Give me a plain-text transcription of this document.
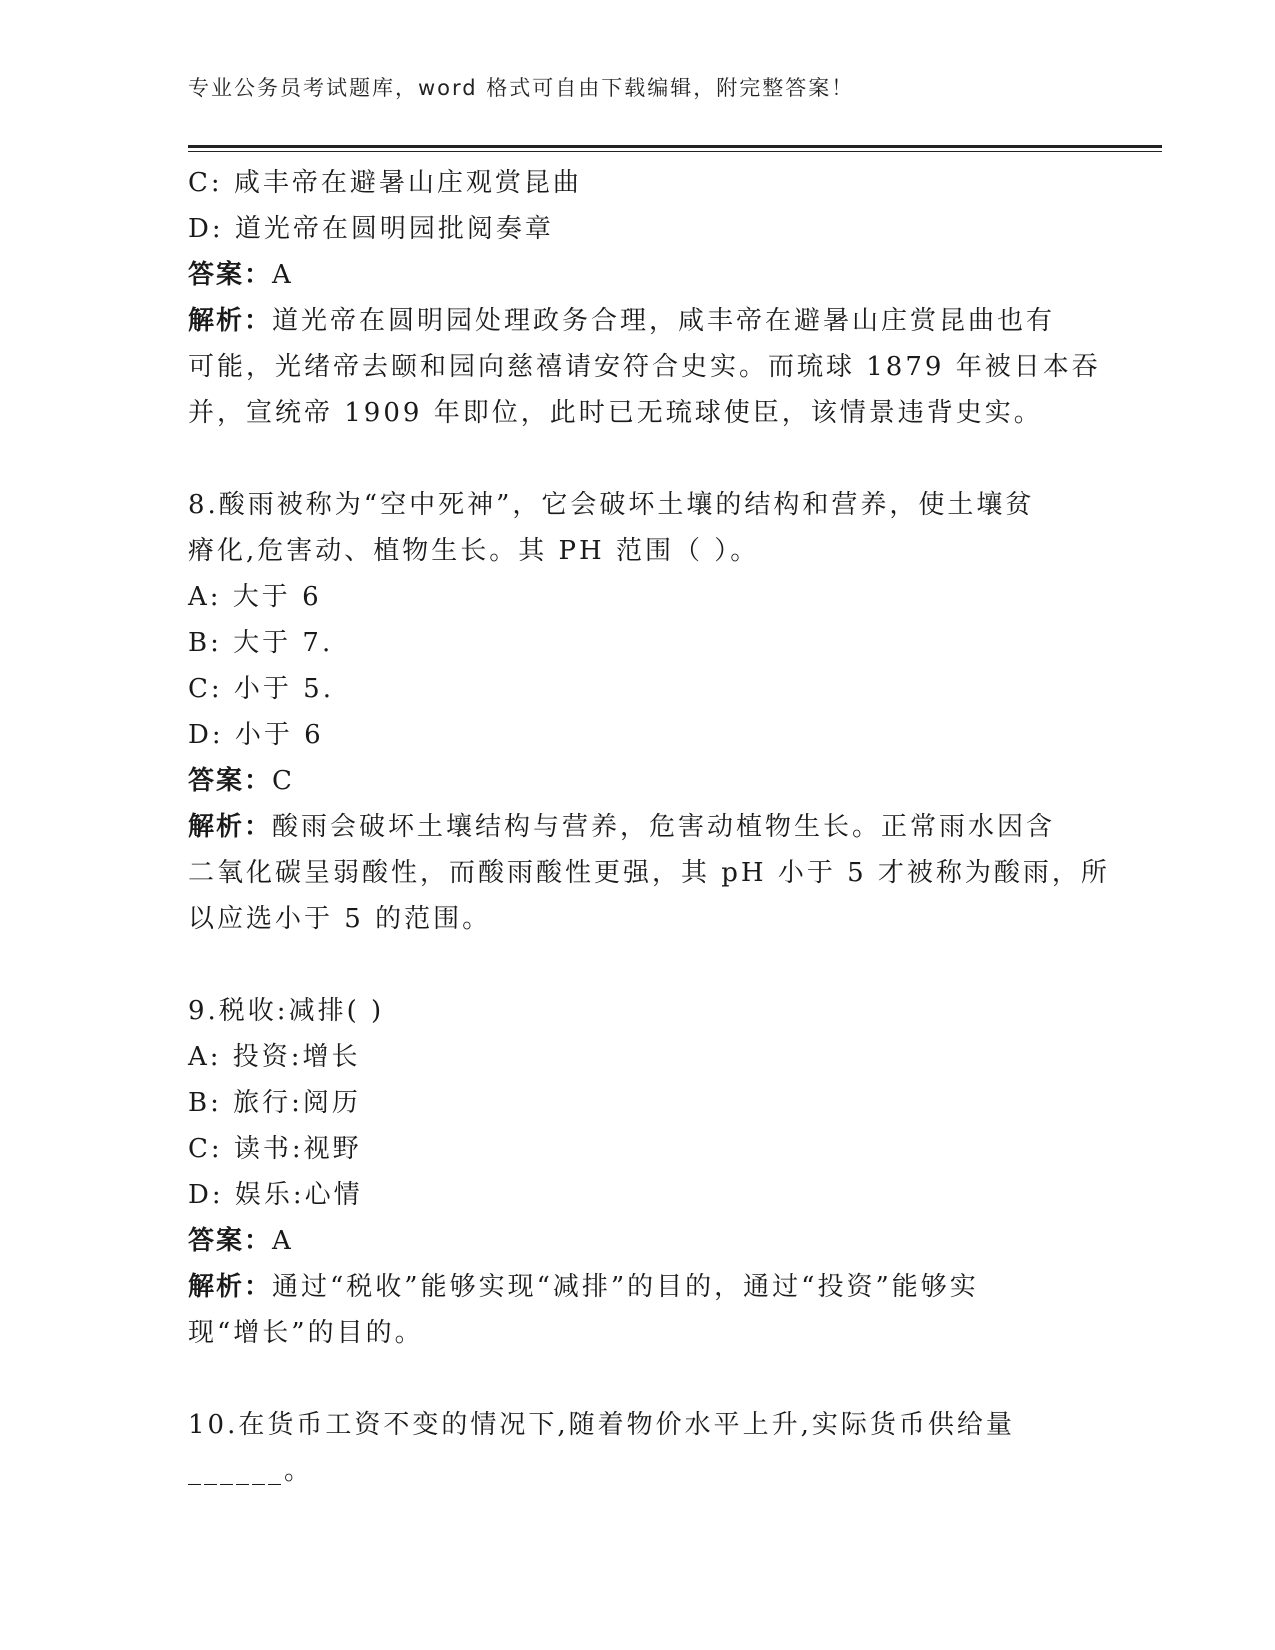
专业公务员考试题库，word 格式可自由下载编辑，附完整答案！
C: 咸丰帝在避暑山庄观赏昆曲
D: 道光帝在圆明园批阅奏章
答案：A
解析：道光帝在圆明园处理政务合理，咸丰帝在避暑山庄赏昆曲也有
可能，光绪帝去颐和园向慈禧请安符合史实。而琉球 1879 年被日本吞
并，宣统帝 1909 年即位，此时已无琉球使臣，该情景违背史实。
8.酸雨被称为“空中死神”，它会破坏土壤的结构和营养，使土壤贫
瘠化,危害动、植物生长。其 PH 范围（ ）。
A: 大于 6
B: 大于 7.
C: 小于 5.
D: 小于 6
答案：C
解析：酸雨会破坏土壤结构与营养，危害动植物生长。正常雨水因含
二氧化碳呈弱酸性，而酸雨酸性更强，其 pH 小于 5 才被称为酸雨，所
以应选小于 5 的范围。
9.税收:减排( )
A: 投资:增长
B: 旅行:阅历
C: 读书:视野
D: 娱乐:心情
答案：A
解析：通过“税收”能够实现“减排”的目的，通过“投资”能够实
现“增长”的目的。
10.在货币工资不变的情况下,随着物价水平上升,实际货币供给量
______。
